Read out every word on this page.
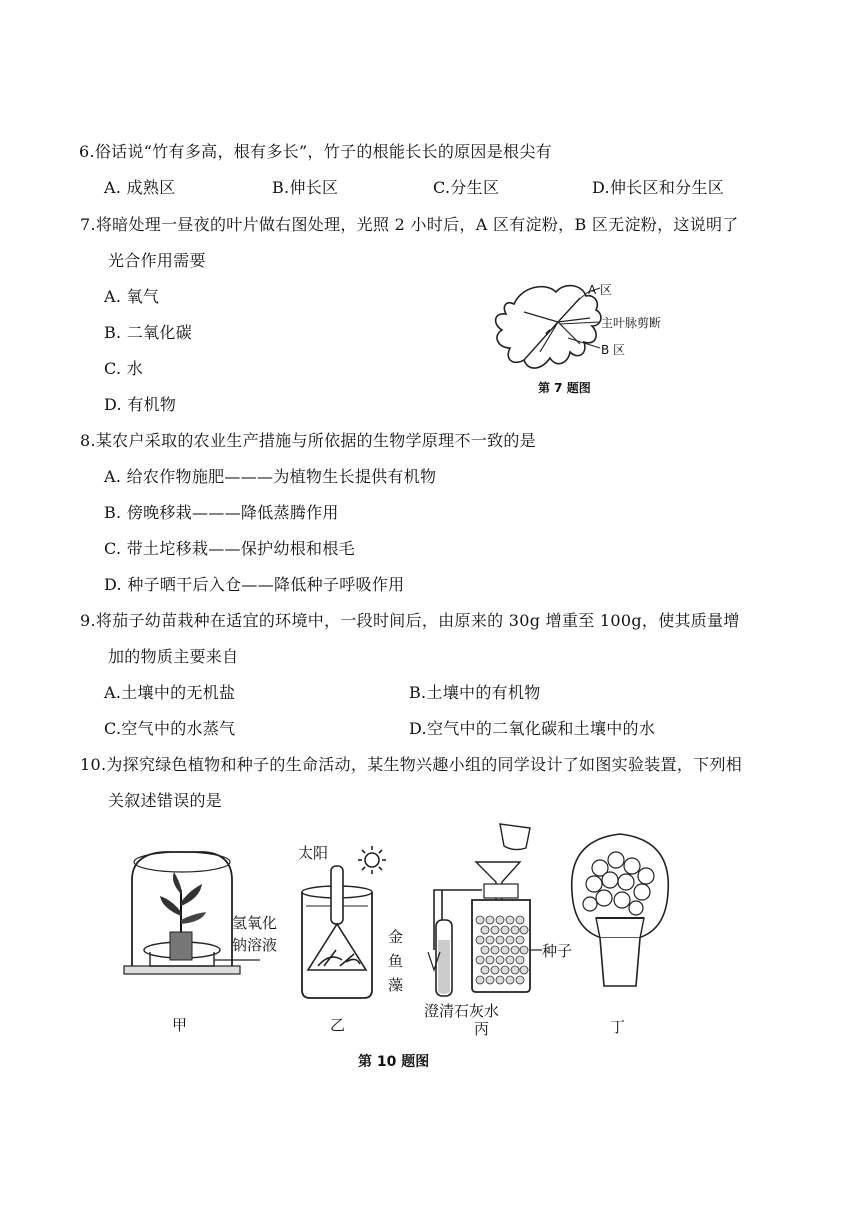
6.俗话说“竹有多高，根有多长”，竹子的根能长长的原因是根尖有
A. 成熟区	B.伸长区	C.分生区	D.伸长区和分生区
7.将暗处理一昼夜的叶片做右图处理，光照 2 小时后，A 区有淀粉，B 区无淀粉，这说明了
光合作用需要
A. 氧气
B. 二氧化碳
C. 水
D. 有机物
A 区
主叶脉剪断
B 区
第 7 题图
8.某农户采取的农业生产措施与所依据的生物学原理不一致的是
A. 给农作物施肥———为植物生长提供有机物
B. 傍晚移栽———降低蒸腾作用
C. 带土坨移栽——保护幼根和根毛
D. 种子晒干后入仓——降低种子呼吸作用
9.将茄子幼苗栽种在适宜的环境中，一段时间后，由原来的 30g 增重至 100g，使其质量增
加的物质主要来自
A.土壤中的无机盐	B.土壤中的有机物
C.空气中的水蒸气	D.空气中的二氧化碳和土壤中的水
10.为探究绿色植物和种子的生命活动，某生物兴趣小组的同学设计了如图实验装置，下列相
关叙述错误的是
氢氧化
钠溶液
甲
太阳
金
鱼
藻
乙
种子
澄清石灰水
丙	丁
第 10 题图
